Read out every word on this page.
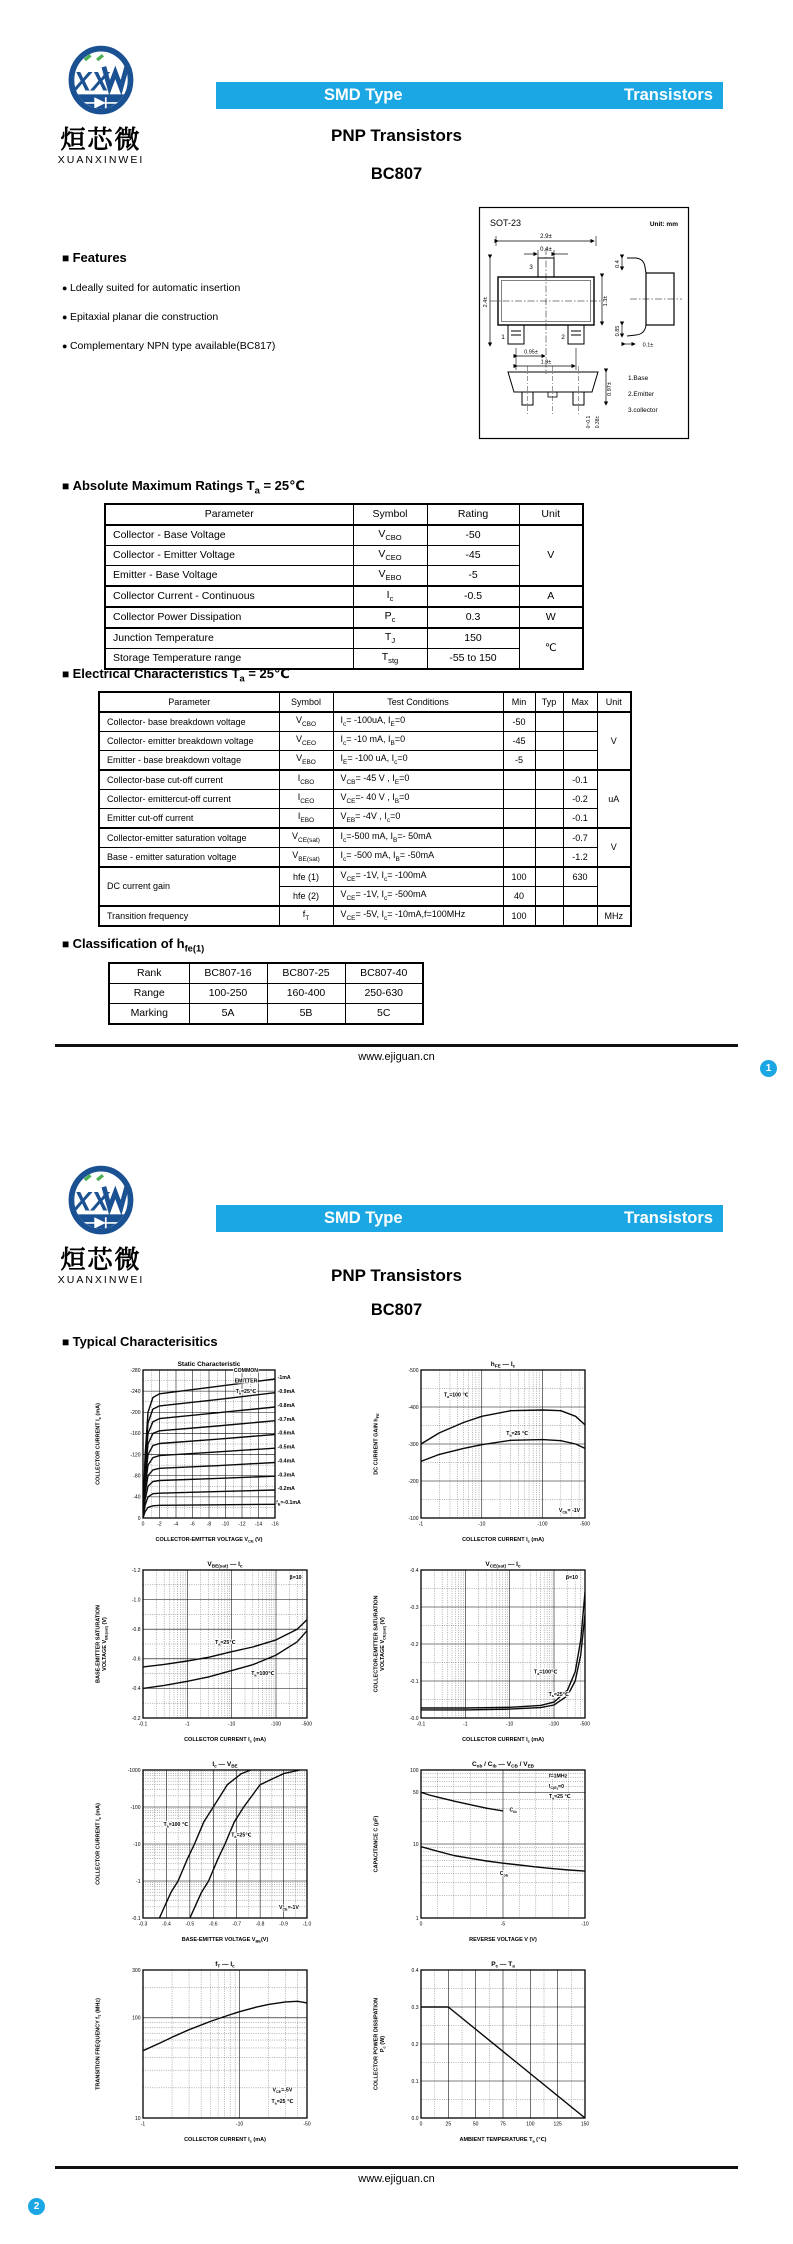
XX
烜芯微
XUANXINWEI
SMD Type	Transistors
PNP Transistors
BC807
■ Features
● Ldeally suited for automatic insertion
● Epitaxial planar die construction
● Complementary NPN type available(BC817)
SOT-23	Unit: mm
2.9±
0.4±
3
2.4±	1.3±
1	2
0.95±
1.9±
0.4
0.85
0.1±
0.97±
0~0.1 0.38±
1.Base
2.Emitter
3.collector
■ Absolute Maximum Ratings $T_a$ = 25℃
Parameter	Symbol	Rating	Unit
Collector - Base Voltage	$V_{CBO}$	-50	V
Collector - Emitter Voltage	$V_{CEO}$	-45	
Emitter - Base Voltage	$V_{EBO}$	-5	
Collector Current - Continuous	$I_c$	-0.5	A
Collector Power Dissipation	$P_c$	0.3	W
Junction Temperature	$T_J$	150	℃
Storage Temperature range	$T_{stg}$	-55 to 150	
■ Electrical Characteristics $T_a$ = 25℃
Parameter	Symbol	Test Conditions	Min	Typ	Max	Unit
Collector- base breakdown voltage	$V_{CBO}$	$I_c= -100uA$, $I_E=0$	-50			V
Collector- emitter breakdown voltage	$V_{CEO}$	$I_c= -10$ mA, $I_B=0$	-45			
Emitter - base breakdown voltage	$V_{EBO}$	$I_E= -100$ uA, $I_c=0$	-5			
Collector-base cut-off current	$I_{CBO}$	$V_{CB}= -45$ V , $I_E=0$			-0.1	uA
Collector- emittercut-off current	$I_{CEO}$	$V_{CE}=-$ 40 V , $I_B=0$			-0.2	
Emitter cut-off current	$I_{EBO}$	$V_{EB}= -4V$ , $I_c=0$			-0.1	
Collector-emitter saturation voltage	$V_{CE(sat)}$	$I_c=-500$ mA, $I_B=-$ 50mA			-0.7	V
Base - emitter saturation voltage	$V_{BE(sat)}$	$I_c= -500$ mA, $I_B= -50mA$			-1.2	
DC current gain	hfe (1)	$V_{CE}= -1V$, $I_c= -100mA$	100		630	
	hfe (2)	$V_{CE}= -1V$, $I_c= -500mA$	40			
Transition frequency	$f_T$	$V_{CE}= -5V$, $I_c= -10mA,f=100MHz$	100			MHz
■ Classification of $h_{fe(1)}$
Rank	BC807-16	BC807-25	BC807-40
Range	100-250	160-400	250-630
Marking	5A	5B	5C
www.ejiguan.cn
1
XX
烜芯微
XUANXINWEI
SMD Type	Transistors
PNP Transistors
BC807
■ Typical Characterisitics
0	-2 -4 -6 -8 -10 -12 -14 -16
0
-40
-80
-120
-160
-200
-240
-280
Static Characteristic
COLLECTOR-EMITTER VOLTAGE $V_{CE}$ (V)
COLLECTOR CURRENT $I_c$ (mA)
COMMON
EMITTER
$T_a=25℃$
-1mA
-0.9mA
-0.8mA
-0.7mA
-0.6mA
-0.5mA
-0.4mA
-0.3mA
-0.2mA
$I_B=-0.1mA$
-1	-10	-100	-500
-100
-200
-300
-400
-500
$h_{FE}$ — $I_c$
COLLECTOR CURRENT $I_c$ (mA)
DC CURRENT GAIN $h_{FE}$
$T_a=100$ ℃
$T_a=25$ ℃
$V_{CE}= -1V$
-0.1	-1	-10	-100	-500
-0.2
-0.4
-0.6
-0.8
-1.0
-1.2
$V_{BE(sat)}$ — $I_c$
COLLECTOR CURRENT $I_c$ (mA)
BASE-EMITTER SATURATION VOLTAGE $V_{BE(sat)}$ (V)
β=10
$T_a=25℃$
$T_a=100℃$
-0.1	-1	-10	-100	-500
-0.0
-0.1
-0.2
-0.3
-0.4
$V_{CE(sat)}$ — $I_c$
COLLECTOR CURRENT $I_c$ (mA)
COLLECTOR-EMITTER SATURATION VOLTAGE $V_{CE(sat)}$ (V)
β=10
$T_a=100℃$
$T_a=25℃$
-0.3	-0.4	-0.5	-0.6	-0.7	-0.8	-0.9	-1.0
-0.1
-1
-10
-100
-1000
$I_c$ — $V_{BE}$
BASE-EMITTER VOLTAGE $V_{BE}(V)$
COLLECTOR CURRENT $I_c$ (mA)
$T_a=100$ ℃
$T_a=25℃$
$V_{CE}=-1V$
0	-5	-10
1
10
50
100
$C_{ob} / C_{ib}$ — $V_{CB} / V_{EB}$
REVERSE VOLTAGE V (V)
CAPACITANCE C (pF)
f=1MHz
$I_{C(E)}=0$
$T_a=25$ ℃
$C_{ib}$
$C_{ob}$
-1	-10	-50
10
100
300
$f_T$ — $I_c$
COLLECTOR CURRENT $I_c$ (mA)
TRANSITION FREQUENCY $f_T$ (MHz)
$V_{CE}=-5V$
$T_a=25$ ℃
0	25	50	75	100	125	150
0.0
0.1
0.2
0.3
0.4
$P_c$ — $T_a$
AMBIENT TEMPERATURE $T_a$ (℃)
COLLECTOR POWER DISSIPATION $P_c$ (W)
www.ejiguan.cn
2
